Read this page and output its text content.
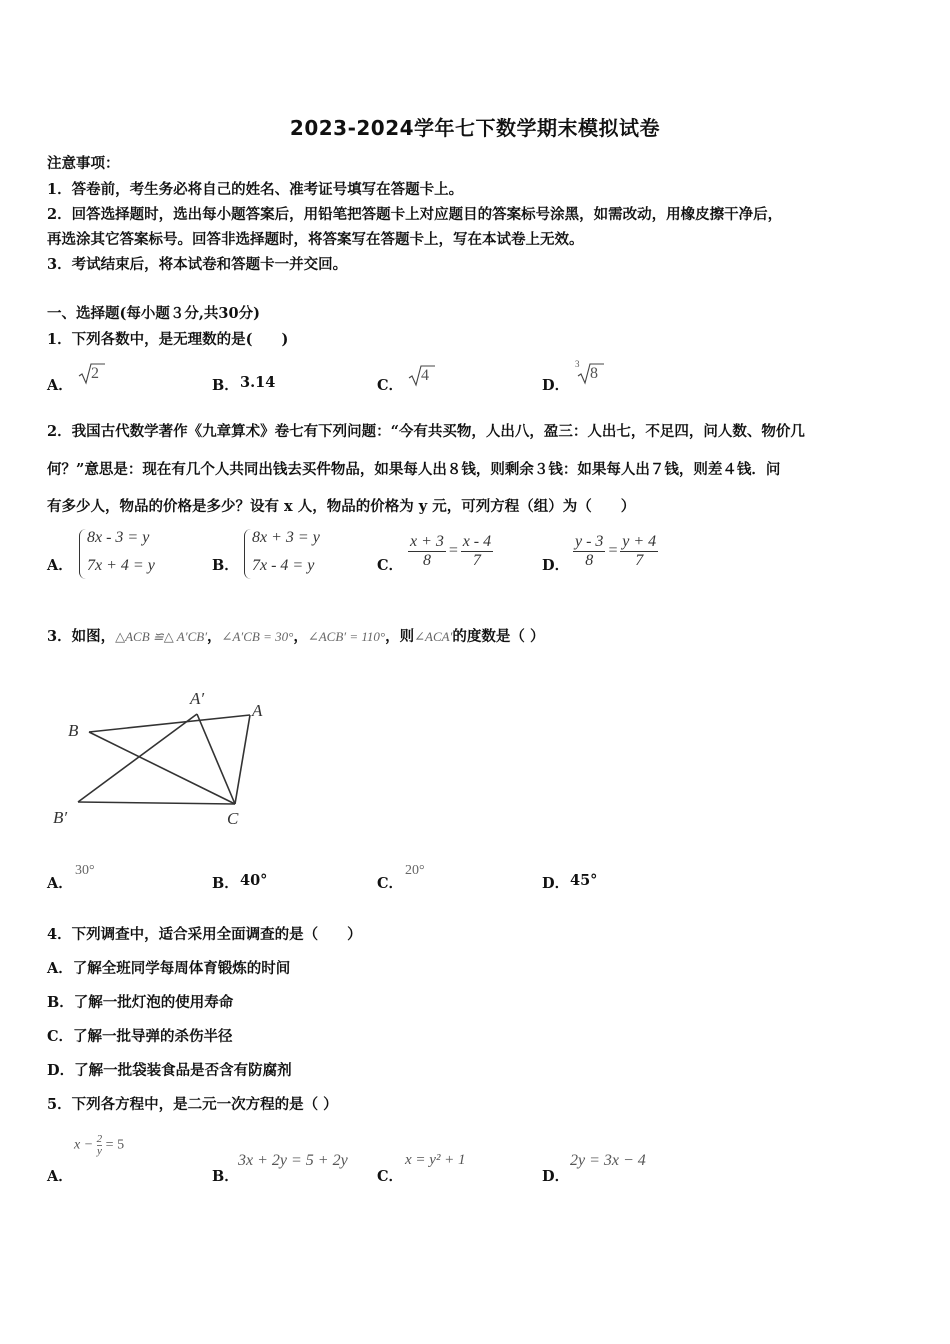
2023-2024学年七下数学期末模拟试卷
注意事项：
1．答卷前，考生务必将自己的姓名、准考证号填写在答题卡上。
2．回答选择题时，选出每小题答案后，用铅笔把答题卡上对应题目的答案标号涂黑，如需改动，用橡皮擦干净后，
再选涂其它答案标号。回答非选择题时，将答案写在答题卡上，写在本试卷上无效。
3．考试结束后，将本试卷和答题卡一并交回。
一、选择题(每小题３分,共30分)
1．下列各数中，是无理数的是(　　)
A．
2
B． 3.14	C．
4
D．
3
8
2．我国古代数学著作《九章算术》卷七有下列问题：“今有共买物，人出八，盈三：人出七，不足四，问人数、物价几
何？”意思是：现在有几个人共同出钱去买件物品，如果每人出８钱，则剩余３钱：如果每人出７钱，则差４钱．问
有多少人，物品的价格是多少？设有 x 人，物品的价格为 y 元，可列方程（组）为（　　）
A．
8x - 3 = y
7x + 4 = y	B．
8x + 3 = y
7x - 4 = y	C． $\frac{x + 3}{8} = \frac{x - 4}{7}$	D． $\frac{y - 3}{8} = \frac{y + 4}{7}$
3．如图，△ACB ≌△ A′CB′，∠A′CB = 30°，∠ACB′ = 110°，则∠ACA′的度数是（ ）
B
A′
A
B′	C
A．
30°
B． 40°	C．
20°
D． 45°
4．下列调查中，适合采用全面调查的是（　　）
A．了解全班同学每周体育锻炼的时间
B．了解一批灯泡的使用寿命
C．了解一批导弹的杀伤半径
D．了解一批袋装食品是否含有防腐剂
5．下列各方程中，是二元一次方程的是（ ）
A．
$x - \frac{2}{y} = 5$
B．
3x + 2y = 5 + 2y
C．
x = y² + 1
D．
2y = 3x − 4
